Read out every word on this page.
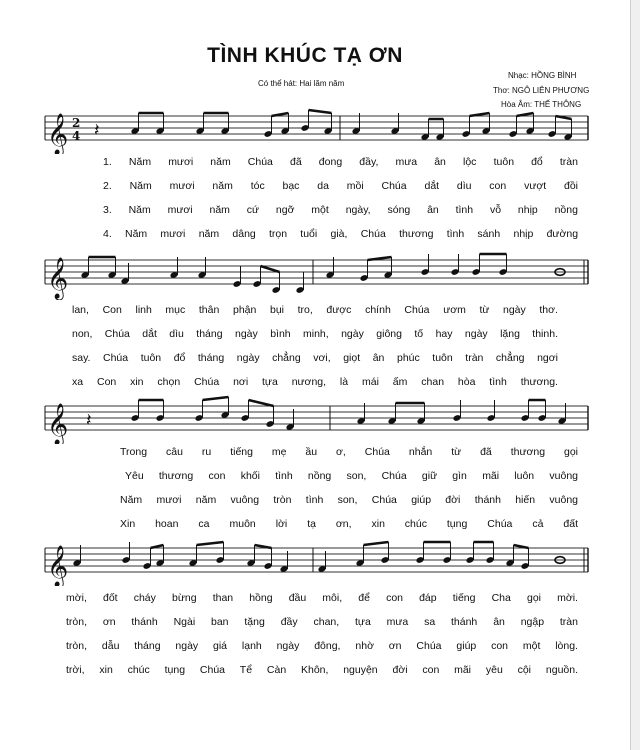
TÌNH KHÚC TẠ ƠN
Có thể hát: Hai lăm năm
Nhạc: HỒNG BÌNH
Thơ: NGÔ LIÊN PHƯƠNG
Hòa Âm: THẾ THÔNG
𝄞 2
4 𝄽
1. Năm mươi năm Chúa đã đong đầy, mưa ân lộc tuôn đổ tràn
2. Năm mươi năm tóc bạc da mồi Chúa dắt dìu con vượt đồi
3. Năm mươi năm cứ ngỡ một ngày, sóng ân tình vỗ nhịp nồng
4. Năm mươi năm dâng trọn tuổi già, Chúa thương tình sánh nhịp đường
𝄞
lan, Con linh mục thân phận bụi tro, được chính Chúa ươm từ ngày thơ.
non, Chúa dắt dìu tháng ngày bình minh, ngày giông tố hay ngày lặng thinh.
say. Chúa tuôn đổ tháng ngày chẳng vơi, giọt ân phúc tuôn tràn chẳng ngơi
xa Con xin chọn Chúa nơi tựa nương, là mái ấm chan hòa tình thương.
𝄞 𝄽
Trong câu ru tiếng mẹ ầu ơ, Chúa nhắn từ đã thương gọi
Yêu thương con khối tình nồng son, Chúa giữ gìn mãi luôn vuông
Năm mươi năm vuông tròn tình son, Chúa giúp đời thánh hiến vuông
Xin hoan ca muôn lời tạ ơn, xin chúc tụng Chúa cả đất
𝄞
mời, đốt cháy bừng than hồng đầu môi, để con đáp tiếng Cha gọi mời.
tròn, ơn thánh Ngài ban tặng đầy chan, tựa mưa sa thánh ân ngập tràn
tròn, dẫu tháng ngày giá lạnh ngày đông, nhờ ơn Chúa giúp con một lòng.
trời, xin chúc tụng Chúa Tể Càn Khôn, nguyện đời con mãi yêu cội nguồn.
